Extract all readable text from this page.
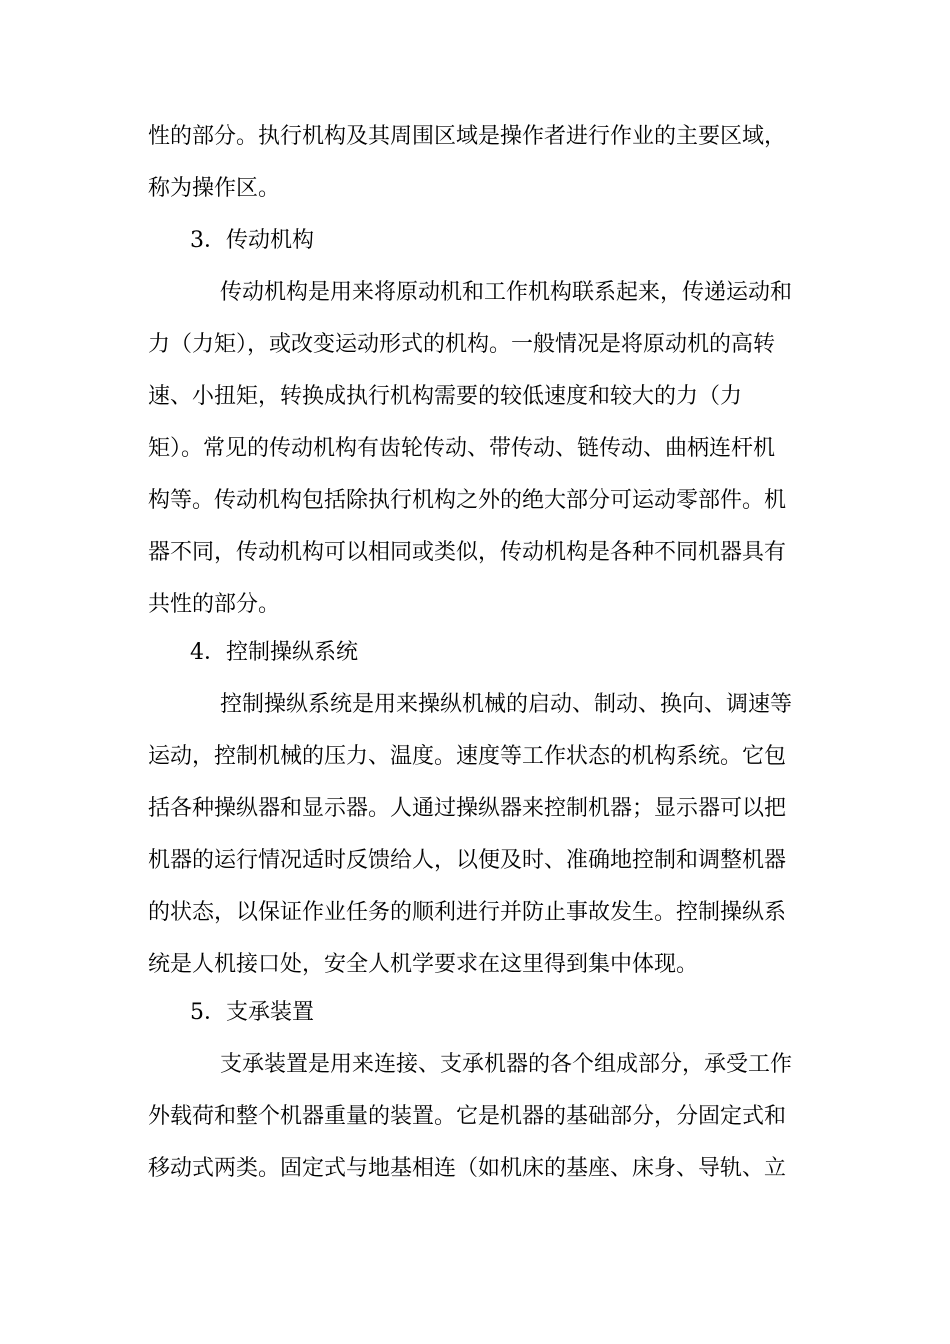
性的部分。执行机构及其周围区域是操作者进行作业的主要区域，
称为操作区。
3．传动机构
传动机构是用来将原动机和工作机构联系起来，传递运动和
力（力矩），或改变运动形式的机构。一般情况是将原动机的高转
速、小扭矩，转换成执行机构需要的较低速度和较大的力（力
矩）。常见的传动机构有齿轮传动、带传动、链传动、曲柄连杆机
构等。传动机构包括除执行机构之外的绝大部分可运动零部件。机
器不同，传动机构可以相同或类似，传动机构是各种不同机器具有
共性的部分。
4．控制操纵系统
控制操纵系统是用来操纵机械的启动、制动、换向、调速等
运动，控制机械的压力、温度。速度等工作状态的机构系统。它包
括各种操纵器和显示器。人通过操纵器来控制机器；显示器可以把
机器的运行情况适时反馈给人，以便及时、准确地控制和调整机器
的状态，以保证作业任务的顺利进行并防止事故发生。控制操纵系
统是人机接口处，安全人机学要求在这里得到集中体现。
5．支承装置
支承装置是用来连接、支承机器的各个组成部分，承受工作
外载荷和整个机器重量的装置。它是机器的基础部分，分固定式和
移动式两类。固定式与地基相连（如机床的基座、床身、导轨、立
